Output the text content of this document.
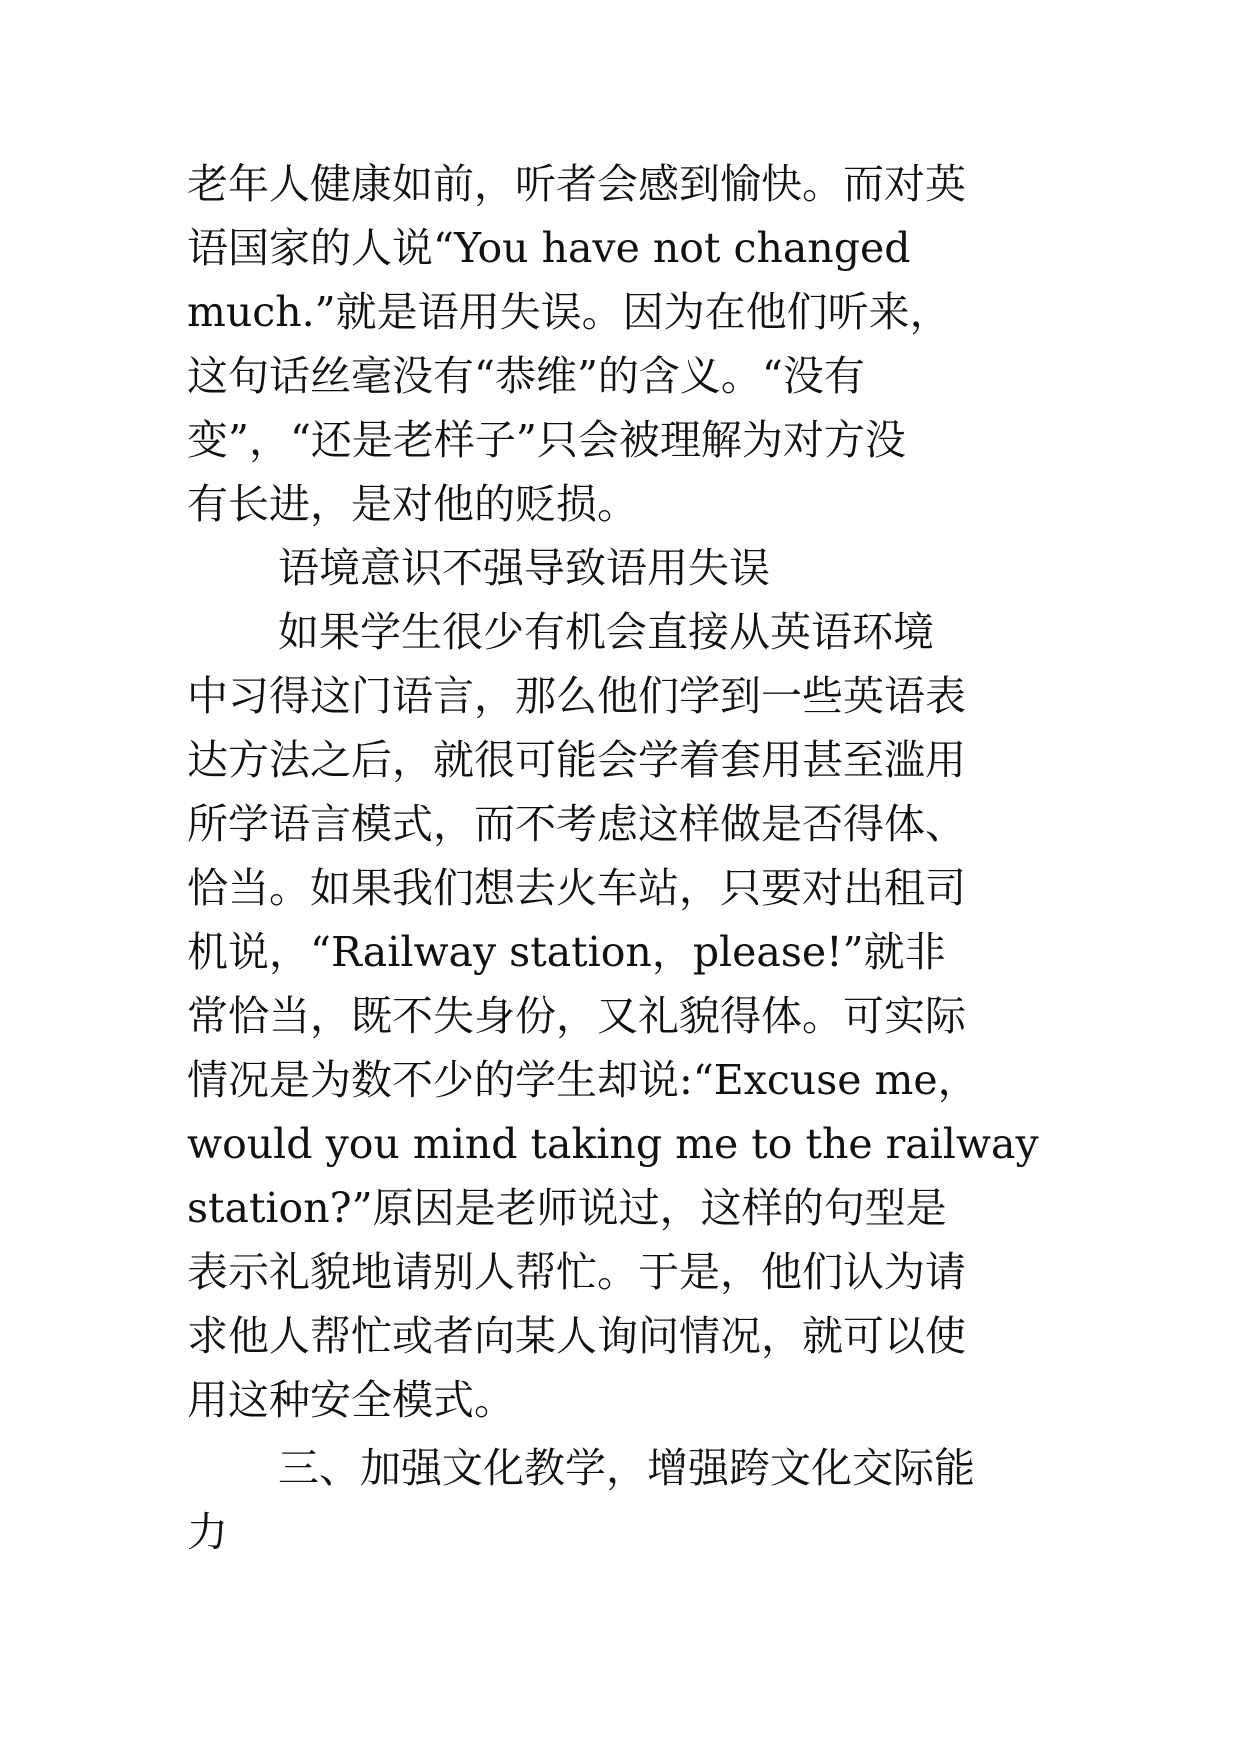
老年人健康如前，听者会感到愉快。而对英
语国家的人说“You have not changed
much.”就是语用失误。因为在他们听来，
这句话丝毫没有“恭维”的含义。“没有
变”，“还是老样子”只会被理解为对方没
有长进，是对他的贬损。
语境意识不强导致语用失误
如果学生很少有机会直接从英语环境
中习得这门语言，那么他们学到一些英语表
达方法之后，就很可能会学着套用甚至滥用
所学语言模式，而不考虑这样做是否得体、
恰当。如果我们想去火车站，只要对出租司
机说，“Railway station，please!”就非
常恰当，既不失身份，又礼貌得体。可实际
情况是为数不少的学生却说:“Excuse me，
would you mind taking me to the railway
station?”原因是老师说过，这样的句型是
表示礼貌地请别人帮忙。于是，他们认为请
求他人帮忙或者向某人询问情况，就可以使
用这种安全模式。
三、加强文化教学，增强跨文化交际能
力
